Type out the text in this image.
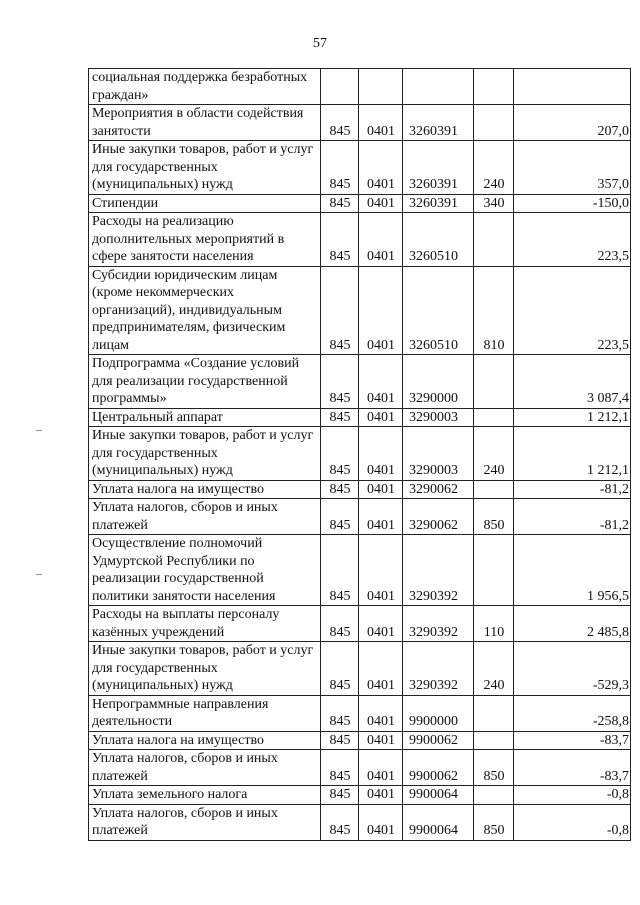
57
социальная поддержка безработных граждан»					
Мероприятия в области содействия занятости	845	0401	3260391		207,0
Иные закупки товаров, работ и услуг для государственных (муниципальных) нужд	845	0401	3260391	240	357,0
Стипендии	845	0401	3260391	340	-150,0
Расходы на реализацию дополнительных мероприятий в сфере занятости населения	845	0401	3260510		223,5
Субсидии юридическим лицам (кроме некоммерческих организаций), индивидуальным предпринимателям, физическим лицам	845	0401	3260510	810	223,5
Подпрограмма «Создание условий для реализации государственной программы»	845	0401	3290000		3 087,4
Центральный аппарат	845	0401	3290003		1 212,1
Иные закупки товаров, работ и услуг для государственных (муниципальных) нужд	845	0401	3290003	240	1 212,1
Уплата налога на имущество	845	0401	3290062		-81,2
Уплата налогов, сборов и иных платежей	845	0401	3290062	850	-81,2
Осуществление полномочий Удмуртской Республики по реализации государственной политики занятости населения	845	0401	3290392		1 956,5
Расходы на выплаты персоналу казённых учреждений	845	0401	3290392	110	2 485,8
Иные закупки товаров, работ и услуг для государственных (муниципальных) нужд	845	0401	3290392	240	-529,3
Непрограммные направления деятельности	845	0401	9900000		-258,8
Уплата налога на имущество	845	0401	9900062		-83,7
Уплата налогов, сборов и иных платежей	845	0401	9900062	850	-83,7
Уплата земельного налога	845	0401	9900064		-0,8
Уплата налогов, сборов и иных платежей	845	0401	9900064	850	-0,8
